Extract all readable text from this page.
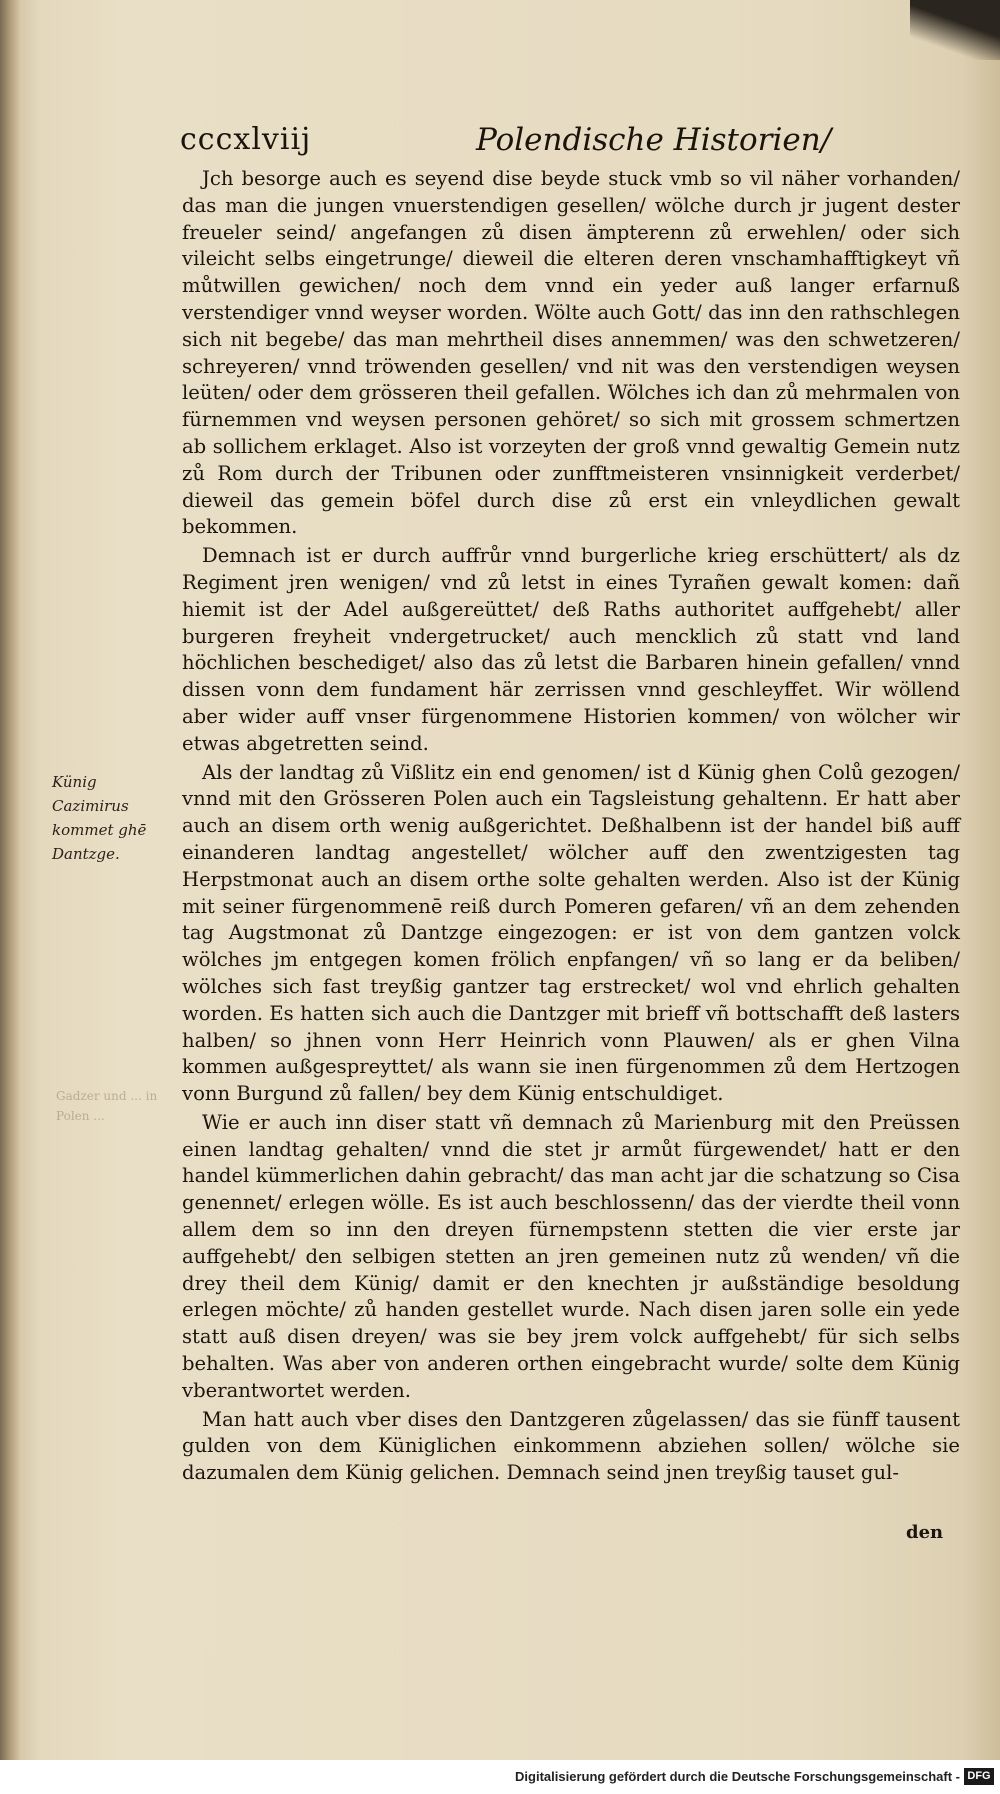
cccxlviij	Polendische Historien/
Künig Cazimirus kommet ghē Dantzge.
Gadzer und ... in Polen ...

Jch besorge auch es seyend dise beyde stuck vmb so vil näher vorhanden/ das man die jungen vnuerstendigen gesellen/ wölche durch jr jugent dester freueler seind/ angefangen zů disen ämpterenn zů erwehlen/ oder sich vileicht selbs eingetrunge/ dieweil die elteren deren vnschamhafftigkeyt vñ můtwillen gewichen/ noch dem vnnd ein yeder auß langer erfarnuß verstendiger vnnd weyser worden. Wölte auch Gott/ das inn den rathschlegen sich nit begebe/ das man mehrtheil dises annemmen/ was den schwetzeren/ schreyeren/ vnnd tröwenden gesellen/ vnd nit was den verstendigen weysen leüten/ oder dem grösseren theil gefallen. Wölches ich dan zů mehrmalen von fürnemmen vnd weysen personen gehöret/ so sich mit grossem schmertzen ab sollichem erklaget. Also ist vorzeyten der groß vnnd gewaltig Gemein nutz zů Rom durch der Tribunen oder zunfftmeisteren vnsinnigkeit verderbet/ dieweil das gemein böfel durch dise zů erst ein vnleydlichen gewalt bekommen.

Demnach ist er durch auffrůr vnnd burgerliche krieg erschüttert/ als dz Regiment jren wenigen/ vnd zů letst in eines Tyrañen gewalt komen: dañ hiemit ist der Adel außgereüttet/ deß Raths authoritet auffgehebt/ aller burgeren freyheit vndergetrucket/ auch mencklich zů statt vnd land höchlichen beschediget/ also das zů letst die Barbaren hinein gefallen/ vnnd dissen vonn dem fundament här zerrissen vnnd geschleyffet. Wir wöllend aber wider auff vnser fürgenommene Historien kommen/ von wölcher wir etwas abgetretten seind.

Als der landtag zů Vißlitz ein end genomen/ ist d Künig ghen Colů gezogen/ vnnd mit den Grösseren Polen auch ein Tagsleistung gehaltenn. Er hatt aber auch an disem orth wenig außgerichtet. Deßhalbenn ist der handel biß auff einanderen landtag angestellet/ wölcher auff den zwentzigesten tag Herpstmonat auch an disem orthe solte gehalten werden. Also ist der Künig mit seiner fürgenommenē reiß durch Pomeren gefaren/ vñ an dem zehenden tag Augstmonat zů Dantzge eingezogen: er ist von dem gantzen volck wölches jm entgegen komen frölich enpfangen/ vñ so lang er da beliben/ wölches sich fast treyßig gantzer tag erstrecket/ wol vnd ehrlich gehalten worden. Es hatten sich auch die Dantzger mit brieff vñ bottschafft deß lasters halben/ so jhnen vonn Herr Heinrich vonn Plauwen/ als er ghen Vilna kommen außgespreyttet/ als wann sie inen fürgenommen zů dem Hertzogen vonn Burgund zů fallen/ bey dem Künig entschuldiget.

Wie er auch inn diser statt vñ demnach zů Marienburg mit den Preüssen einen landtag gehalten/ vnnd die stet jr armůt fürgewendet/ hatt er den handel kümmerlichen dahin gebracht/ das man acht jar die schatzung so Cisa genennet/ erlegen wölle. Es ist auch beschlossenn/ das der vierdte theil vonn allem dem so inn den dreyen fürnempstenn stetten die vier erste jar auffgehebt/ den selbigen stetten an jren gemeinen nutz zů wenden/ vñ die drey theil dem Künig/ damit er den knechten jr außständige besoldung erlegen möchte/ zů handen gestellet wurde. Nach disen jaren solle ein yede statt auß disen dreyen/ was sie bey jrem volck auffgehebt/ für sich selbs behalten. Was aber von anderen orthen eingebracht wurde/ solte dem Künig vberantwortet werden.

Man hatt auch vber dises den Dantzgeren zůgelassen/ das sie fünff tausent gulden von dem Küniglichen einkommenn abziehen sollen/ wölche sie dazumalen dem Künig gelichen. Demnach seind jnen treyßig tauset gul-

den
Digitalisierung gefördert durch die Deutsche Forschungsgemeinschaft - DFG
